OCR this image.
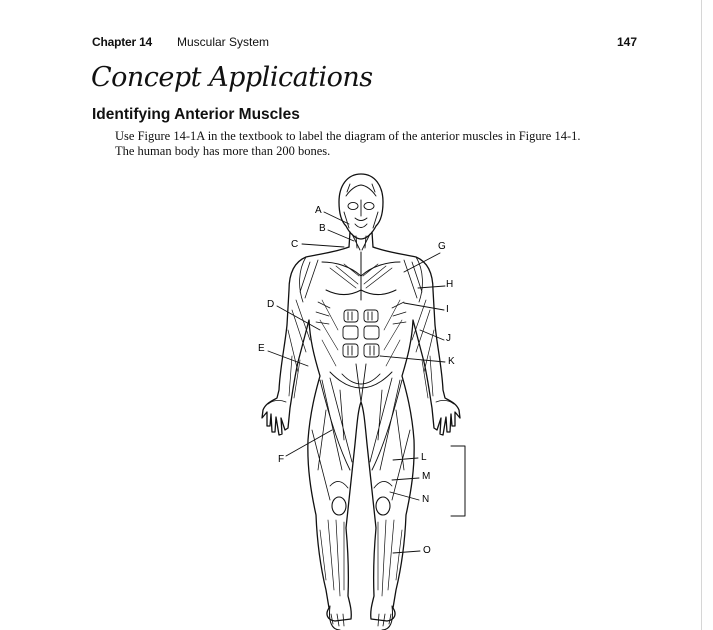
Chapter 14 Muscular System	147
Concept Applications
Identifying Anterior Muscles
Use Figure 14-1A in the textbook to label the diagram of the anterior muscles in Figure 14-1.
The human body has more than 200 bones.
A
B
C
D
E
F
G
H
I
J
K
L
M
N
O
